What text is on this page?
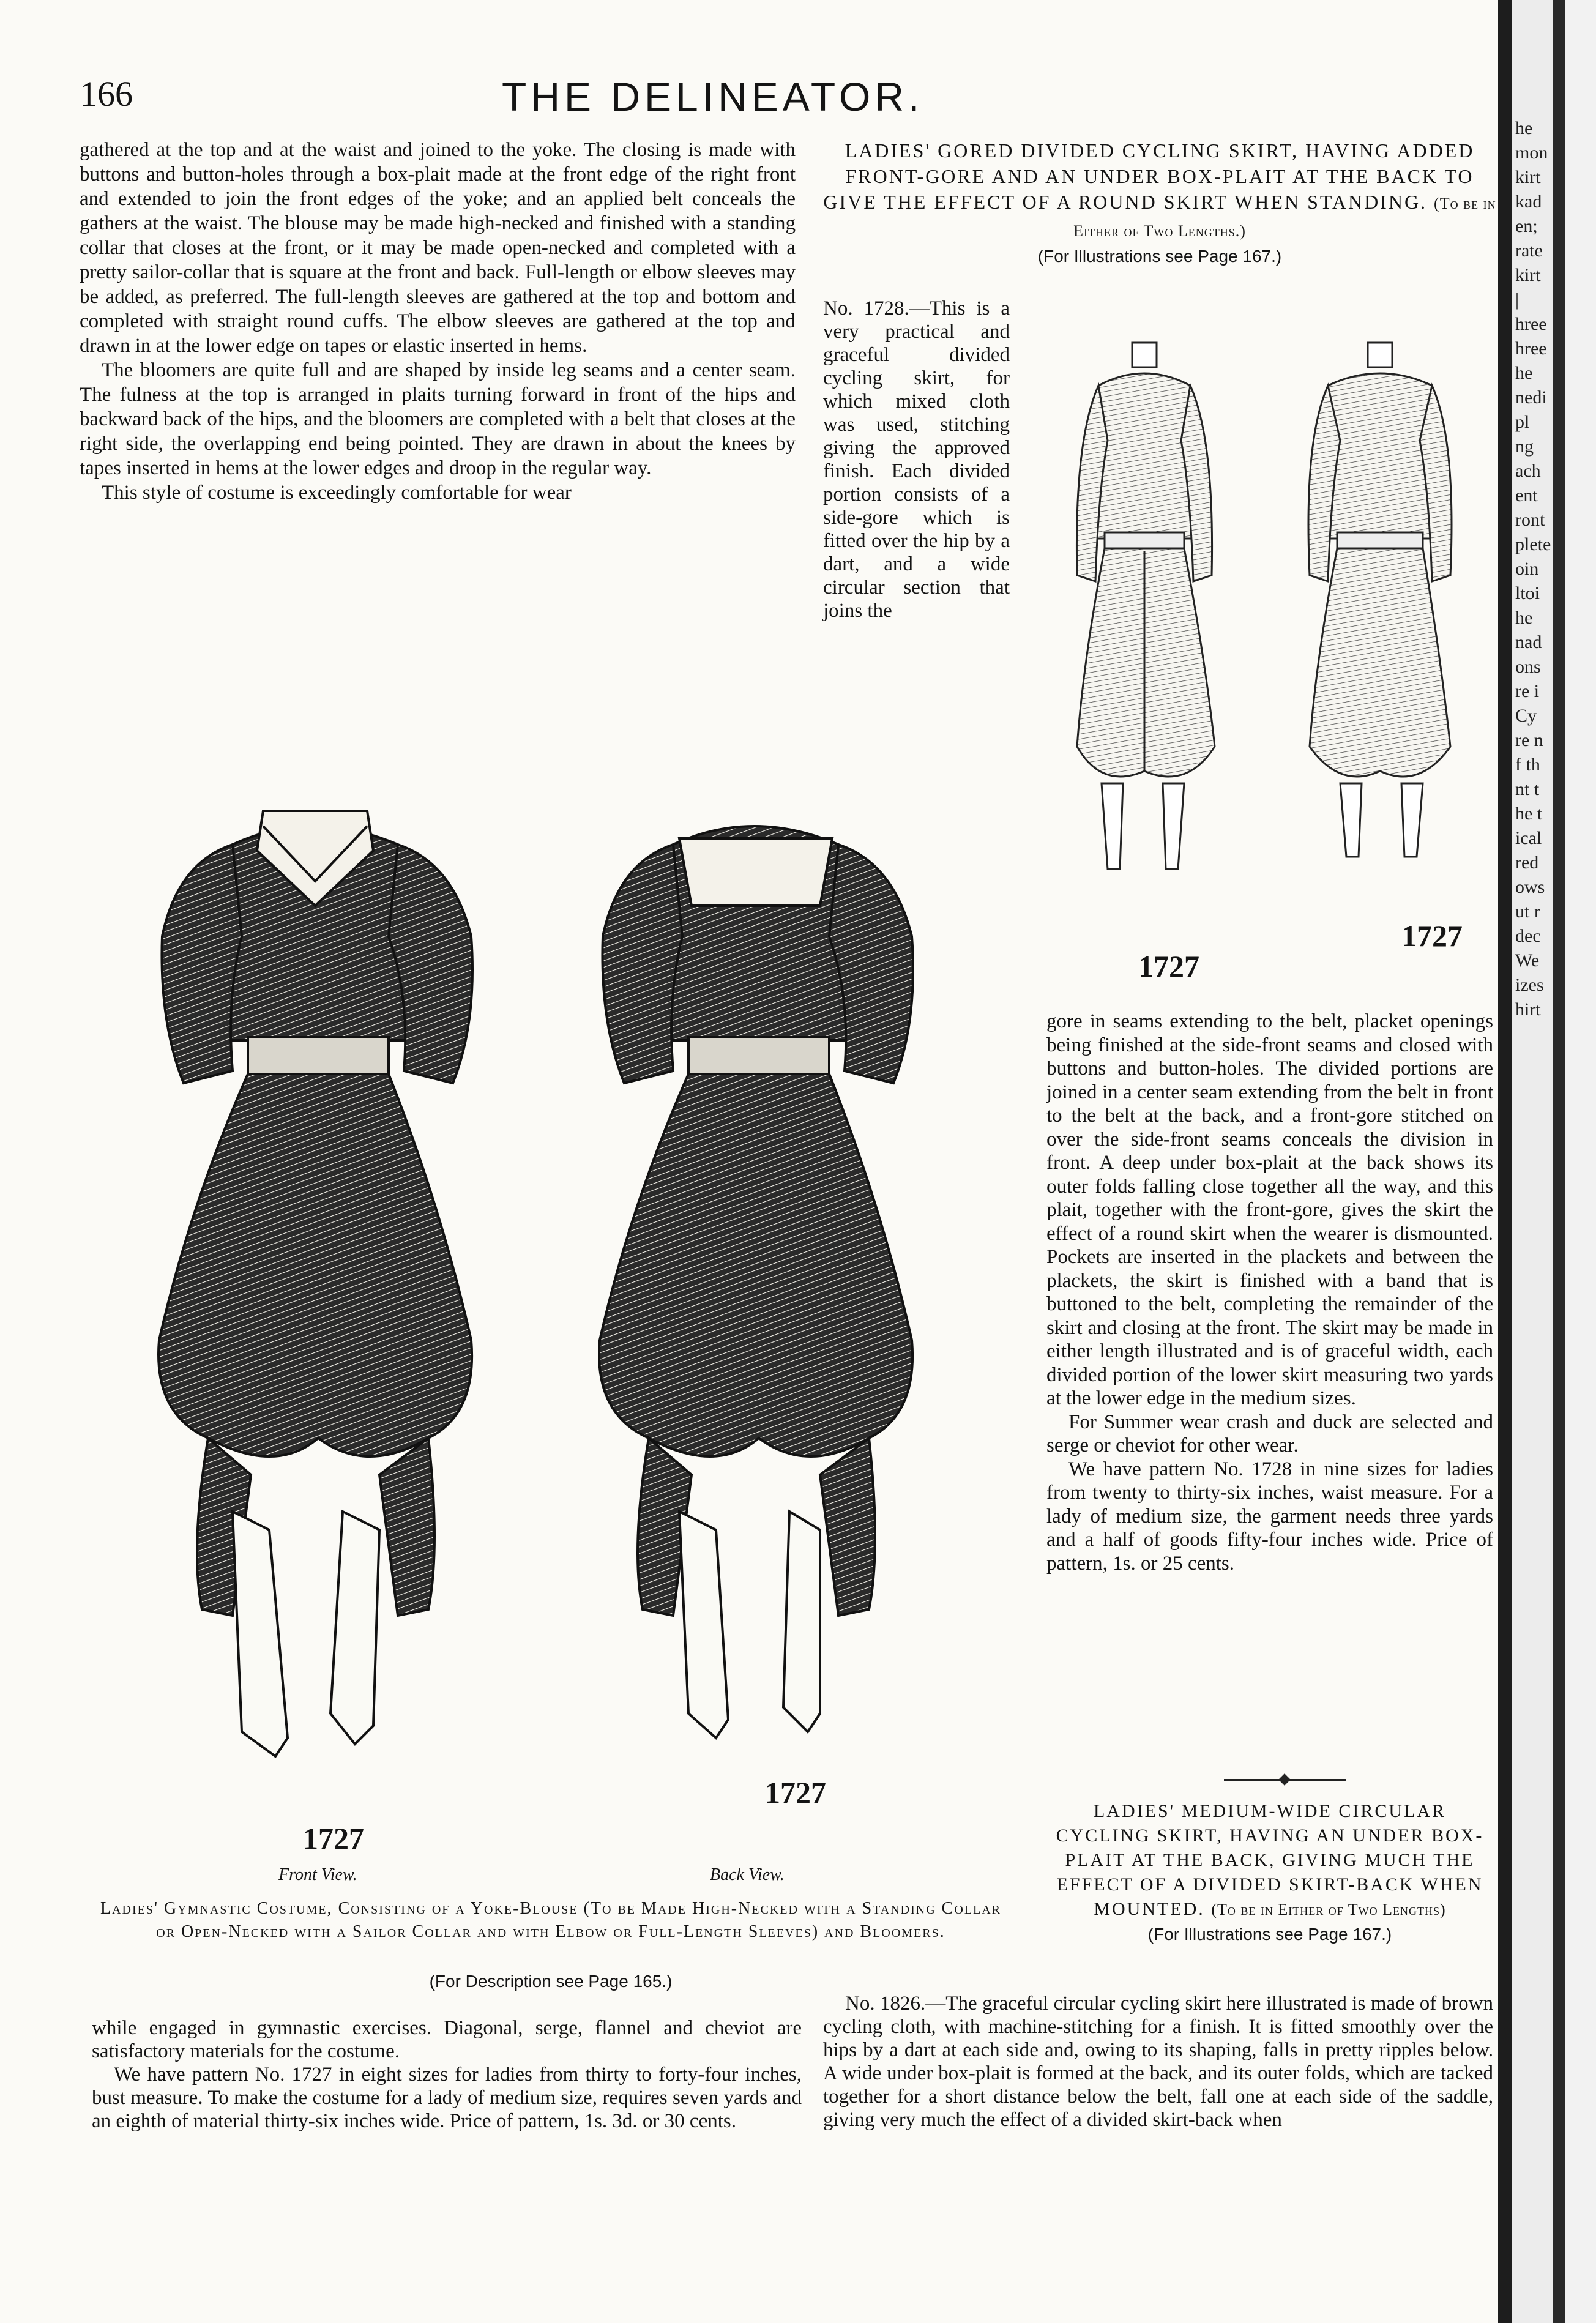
166	THE DELINEATOR.

gathered at the top and at the waist and joined to the yoke. The closing is made with buttons and button-holes through a box-plait made at the front edge of the right front and extended to join the front edges of the yoke; and an applied belt conceals the gathers at the waist. The blouse may be made high-necked and finished with a standing collar that closes at the front, or it may be made open-necked and completed with a pretty sailor-collar that is square at the front and back. Full-length or elbow sleeves may be added, as preferred. The full-length sleeves are gathered at the top and bottom and completed with straight round cuffs. The elbow sleeves are gathered at the top and drawn in at the lower edge on tapes or elastic inserted in hems.

The bloomers are quite full and are shaped by inside leg seams and a center seam. The fulness at the top is arranged in plaits turning forward in front of the hips and backward back of the hips, and the bloomers are completed with a belt that closes at the right side, the overlapping end being pointed. They are drawn in about the knees by tapes inserted in hems at the lower edges and droop in the regular way.

This style of costume is exceedingly comfortable for wear

LADIES' GORED DIVIDED CYCLING SKIRT, HAVING ADDED FRONT-GORE AND AN UNDER BOX-PLAIT AT THE BACK TO GIVE THE EFFECT OF A ROUND SKIRT WHEN STANDING. (To be in Either of Two Lengths.)
(For Illustrations see Page 167.)

No. 1728.—This is a very practical and graceful divided cycling skirt, for which mixed cloth was used, stitching giving the approved finish. Each divided portion consists of a side-gore which is fitted over the hip by a dart, and a wide circular section that joins the

1727
1727

gore in seams extending to the belt, placket openings being finished at the side-front seams and closed with buttons and button-holes. The divided portions are joined in a center seam extending from the belt in front to the belt at the back, and a front-gore stitched on over the side-front seams conceals the division in front. A deep under box-plait at the back shows its outer folds falling close together all the way, and this plait, together with the front-gore, gives the skirt the effect of a round skirt when the wearer is dismounted. Pockets are inserted in the plackets and between the plackets, the skirt is finished with a band that is buttoned to the belt, completing the remainder of the skirt and closing at the front. The skirt may be made in either length illustrated and is of graceful width, each divided portion of the lower skirt measuring two yards at the lower edge in the medium sizes.

For Summer wear crash and duck are selected and serge or cheviot for other wear.

We have pattern No. 1728 in nine sizes for ladies from twenty to thirty-six inches, waist measure. For a lady of medium size, the garment needs three yards and a half of goods fifty-four inches wide. Price of pattern, 1s. or 25 cents.

LADIES' MEDIUM-WIDE CIRCULAR CYCLING SKIRT, HAVING AN UNDER BOX-PLAIT AT THE BACK, GIVING MUCH THE EFFECT OF A DIVIDED SKIRT-BACK WHEN MOUNTED. (To be in Either of Two Lengths)
(For Illustrations see Page 167.)

No. 1826.—The graceful circular cycling skirt here illustrated is made of brown cycling cloth, with machine-stitching for a finish. It is fitted smoothly over the hips by a dart at each side and, owing to its shaping, falls in pretty ripples below. A wide under box-plait is formed at the back, and its outer folds, which are tacked together for a short distance below the belt, fall one at each side of the saddle, giving very much the effect of a divided skirt-back when

1727
Front View.
1727
Back View.
Ladies' Gymnastic Costume, Consisting of a Yoke-Blouse (To be Made High-Necked with a Standing Collar or Open-Necked with a Sailor Collar and with Elbow or Full-Length Sleeves) and Bloomers.
(For Description see Page 165.)

while engaged in gymnastic exercises. Diagonal, serge, flannel and cheviot are satisfactory materials for the costume.

We have pattern No. 1727 in eight sizes for ladies from thirty to forty-four inches, bust measure. To make the costume for a lady of medium size, requires seven yards and an eighth of material thirty-six inches wide. Price of pattern, 1s. 3d. or 30 cents.

he
mon
kirt
kad
en;
rate
kirt
|
hree
hree
he
nedi
pl
ng
ach
ent
ront
plete
oin
ltoi
he
nad
ons
re i
Cy
re n
f th
nt t
he t
ical
red
ows
ut r
dec
We
izes
hirt
